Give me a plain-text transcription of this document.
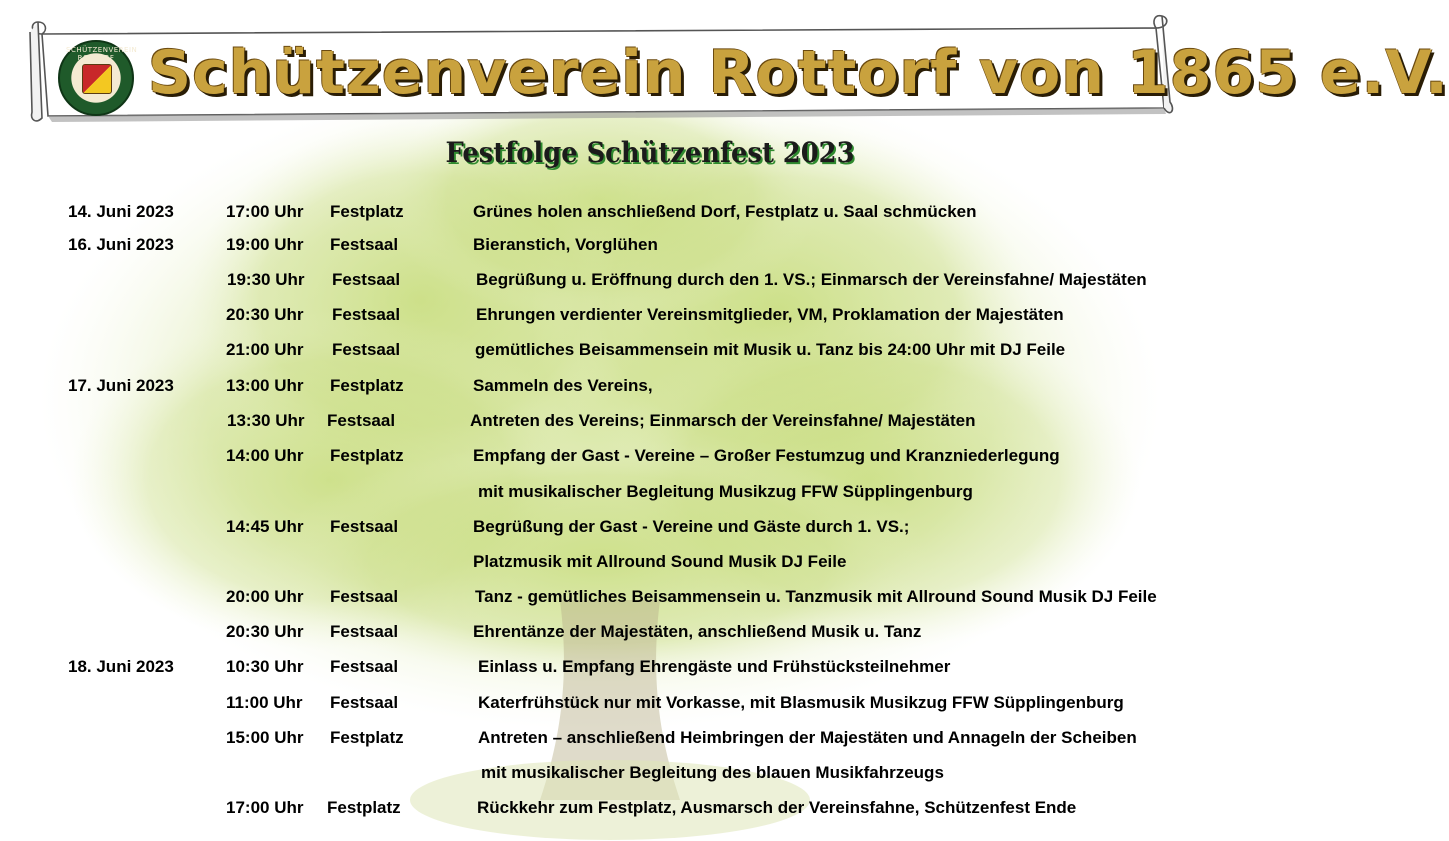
SCHÜTZENVEREIN ROTTORF Schützenverein Rottorf von 1865 e.V.
Festfolge Schützenfest 2023
14. Juni 2023	17:00 Uhr Festplatz	Grünes holen anschließend Dorf, Festplatz u. Saal schmücken
16. Juni 2023	19:00 Uhr Festsaal	Bieranstich, Vorglühen
19:30 Uhr Festsaal	Begrüßung u. Eröffnung durch den 1. VS.; Einmarsch der Vereinsfahne/ Majestäten
20:30 Uhr Festsaal	Ehrungen verdienter Vereinsmitglieder, VM, Proklamation der Majestäten
21:00 Uhr Festsaal	gemütliches Beisammensein mit Musik u. Tanz bis 24:00 Uhr mit DJ Feile
17. Juni 2023	13:00 Uhr Festplatz	Sammeln des Vereins,
13:30 Uhr Festsaal	Antreten des Vereins; Einmarsch der Vereinsfahne/ Majestäten
14:00 Uhr Festplatz	Empfang der Gast - Vereine – Großer Festumzug und Kranzniederlegung
mit musikalischer Begleitung Musikzug FFW Süpplingenburg
14:45 Uhr Festsaal	Begrüßung der Gast - Vereine und Gäste durch 1. VS.;
Platzmusik mit Allround Sound Musik DJ Feile
20:00 Uhr Festsaal	Tanz - gemütliches Beisammensein u. Tanzmusik mit Allround Sound Musik DJ Feile
20:30 Uhr Festsaal	Ehrentänze der Majestäten, anschließend Musik u. Tanz
18. Juni 2023	10:30 Uhr Festsaal	Einlass u. Empfang Ehrengäste und Frühstücksteilnehmer
11:00 Uhr Festsaal	Katerfrühstück nur mit Vorkasse, mit Blasmusik Musikzug FFW Süpplingenburg
15:00 Uhr Festplatz	Antreten – anschließend Heimbringen der Majestäten und Annageln der Scheiben
mit musikalischer Begleitung des blauen Musikfahrzeugs
17:00 Uhr Festplatz	Rückkehr zum Festplatz, Ausmarsch der Vereinsfahne, Schützenfest Ende
